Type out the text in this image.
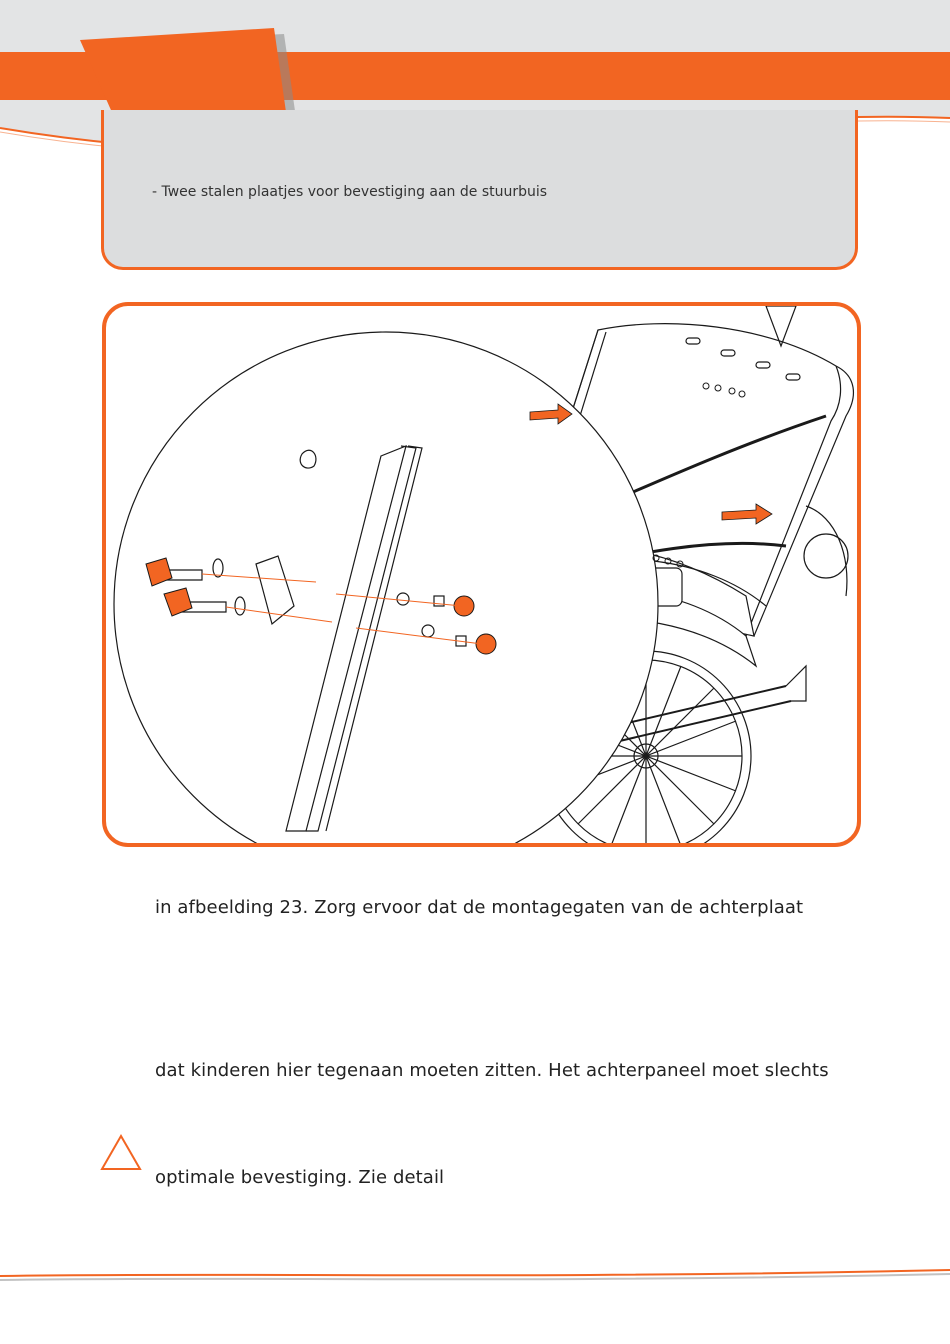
- Twee stalen plaatjes voor bevestiging aan de stuurbuis
in afbeelding 23. Zorg ervoor dat de montagegaten van de achterplaat
dat kinderen hier tegenaan moeten zitten. Het achterpaneel moet slechts
optimale bevestiging. Zie detail
